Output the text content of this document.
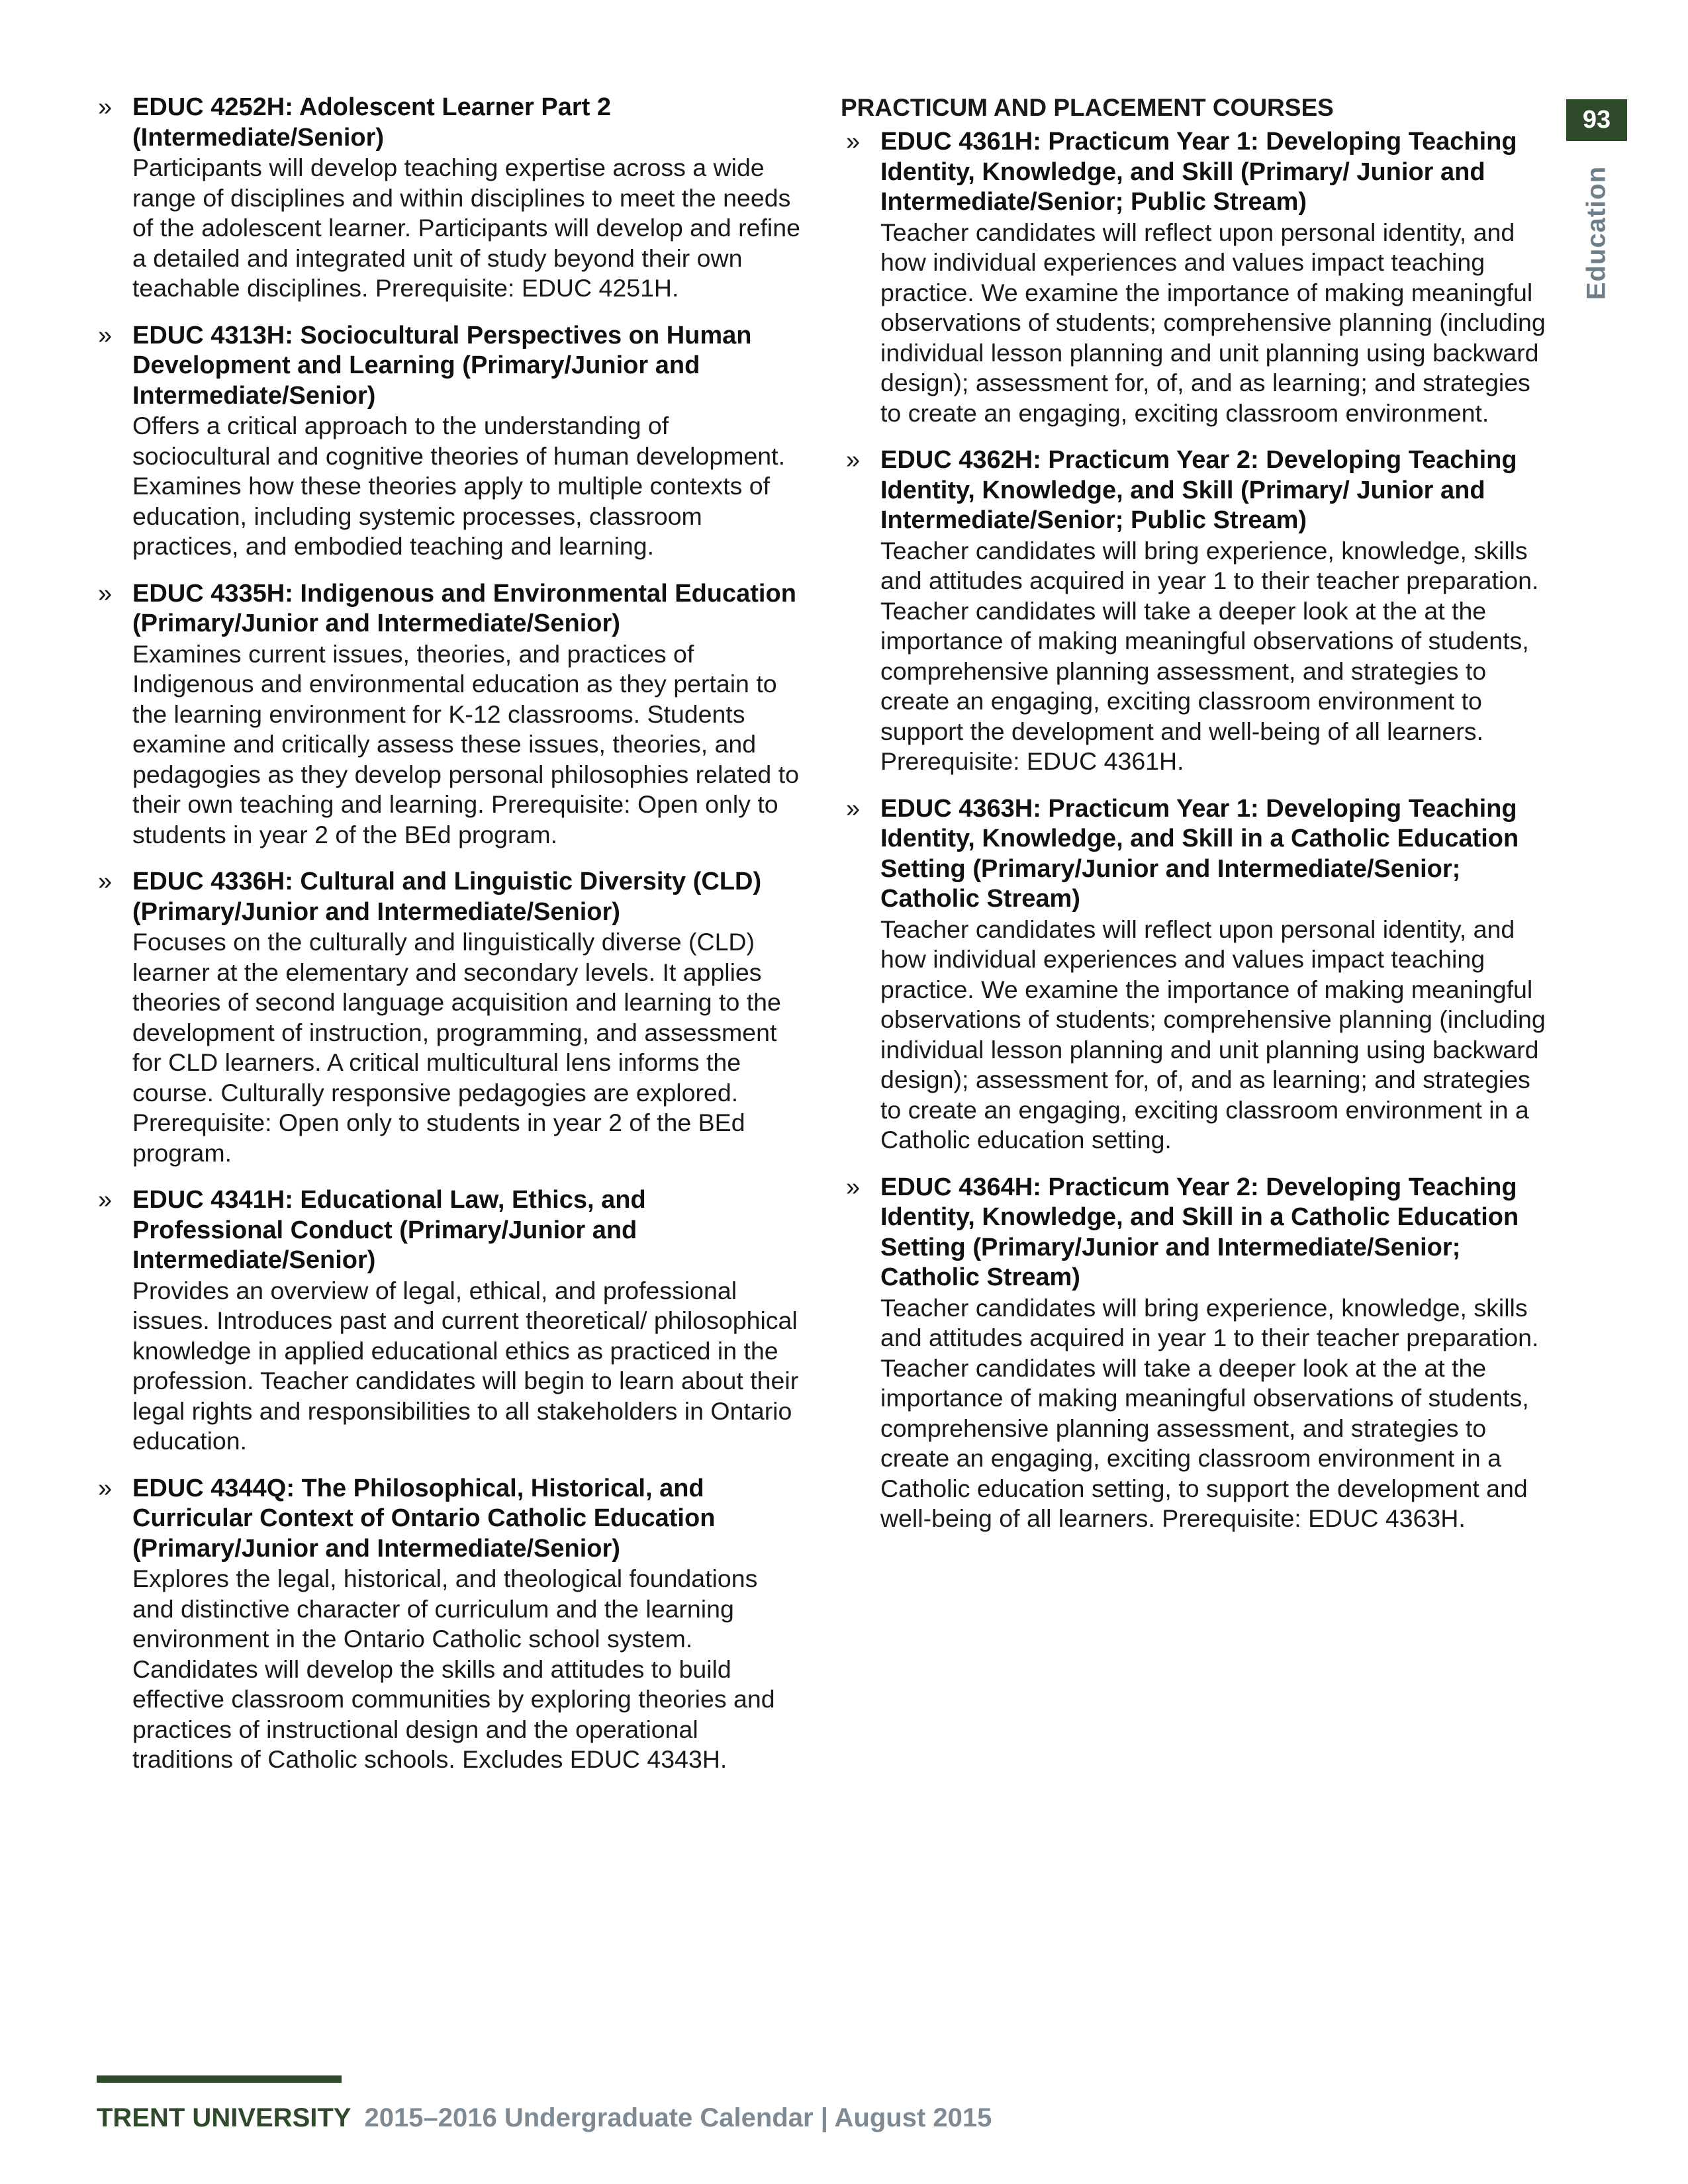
» EDUC 4252H: Adolescent Learner Part 2 (Intermediate/Senior)
Participants will develop teaching expertise across a wide range of disciplines and within disciplines to meet the needs of the adolescent learner. Participants will develop and refine a detailed and integrated unit of study beyond their own teachable disciplines. Prerequisite: EDUC 4251H.
» EDUC 4313H: Sociocultural Perspectives on Human Development and Learning (Primary/Junior and Intermediate/Senior)
Offers a critical approach to the understanding of sociocultural and cognitive theories of human development. Examines how these theories apply to multiple contexts of education, including systemic processes, classroom practices, and embodied teaching and learning.
» EDUC 4335H: Indigenous and Environmental Education (Primary/Junior and Intermediate/Senior)
Examines current issues, theories, and practices of Indigenous and environmental education as they pertain to the learning environment for K-12 classrooms. Students examine and critically assess these issues, theories, and pedagogies as they develop personal philosophies related to their own teaching and learning. Prerequisite: Open only to students in year 2 of the BEd program.
» EDUC 4336H: Cultural and Linguistic Diversity (CLD) (Primary/Junior and Intermediate/Senior)
Focuses on the culturally and linguistically diverse (CLD) learner at the elementary and secondary levels. It applies theories of second language acquisition and learning to the development of instruction, programming, and assessment for CLD learners. A critical multicultural lens informs the course. Culturally responsive pedagogies are explored. Prerequisite: Open only to students in year 2 of the BEd program.
» EDUC 4341H: Educational Law, Ethics, and Professional Conduct (Primary/Junior and Intermediate/Senior)
Provides an overview of legal, ethical, and professional issues. Introduces past and current theoretical/ philosophical knowledge in applied educational ethics as practiced in the profession. Teacher candidates will begin to learn about their legal rights and responsibilities to all stakeholders in Ontario education.
» EDUC 4344Q: The Philosophical, Historical, and Curricular Context of Ontario Catholic Education (Primary/Junior and Intermediate/Senior)
Explores the legal, historical, and theological foundations and distinctive character of curriculum and the learning environment in the Ontario Catholic school system. Candidates will develop the skills and attitudes to build effective classroom communities by exploring theories and practices of instructional design and the operational traditions of Catholic schools. Excludes EDUC 4343H.
PRACTICUM AND PLACEMENT COURSES
» EDUC 4361H: Practicum Year 1: Developing Teaching Identity, Knowledge, and Skill (Primary/ Junior and Intermediate/Senior; Public Stream)
Teacher candidates will reflect upon personal identity, and how individual experiences and values impact teaching practice. We examine the importance of making meaningful observations of students; comprehensive planning (including individual lesson planning and unit planning using backward design); assessment for, of, and as learning; and strategies to create an engaging, exciting classroom environment.
» EDUC 4362H: Practicum Year 2: Developing Teaching Identity, Knowledge, and Skill (Primary/ Junior and Intermediate/Senior; Public Stream)
Teacher candidates will bring experience, knowledge, skills and attitudes acquired in year 1 to their teacher preparation. Teacher candidates will take a deeper look at the at the importance of making meaningful observations of students, comprehensive planning assessment, and strategies to create an engaging, exciting classroom environment to support the development and well-being of all learners. Prerequisite: EDUC 4361H.
» EDUC 4363H: Practicum Year 1: Developing Teaching Identity, Knowledge, and Skill in a Catholic Education Setting (Primary/Junior and Intermediate/Senior; Catholic Stream)
Teacher candidates will reflect upon personal identity, and how individual experiences and values impact teaching practice. We examine the importance of making meaningful observations of students; comprehensive planning (including individual lesson planning and unit planning using backward design); assessment for, of, and as learning; and strategies to create an engaging, exciting classroom environment in a Catholic education setting.
» EDUC 4364H: Practicum Year 2: Developing Teaching Identity, Knowledge, and Skill in a Catholic Education Setting (Primary/Junior and Intermediate/Senior; Catholic Stream)
Teacher candidates will bring experience, knowledge, skills and attitudes acquired in year 1 to their teacher preparation. Teacher candidates will take a deeper look at the at the importance of making meaningful observations of students, comprehensive planning assessment, and strategies to create an engaging, exciting classroom environment in a Catholic education setting, to support the development and well-being of all learners. Prerequisite: EDUC 4363H.
93
Education
TRENT UNIVERSITY 2015–2016 Undergraduate Calendar | August 2015
